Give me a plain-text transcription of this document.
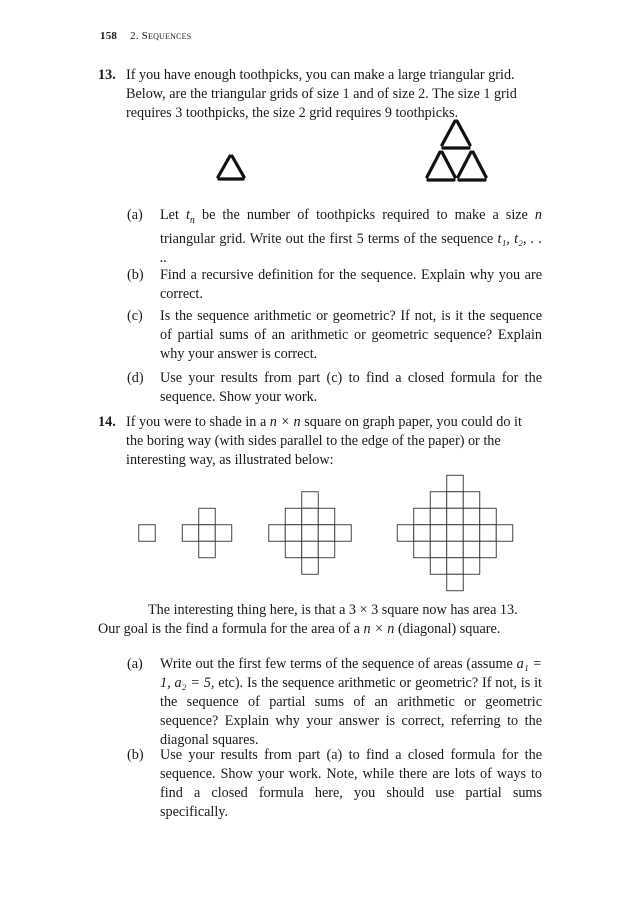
158 2. Sequences
13. If you have enough toothpicks, you can make a large triangular grid. Below, are the triangular grids of size 1 and of size 2. The size 1 grid requires 3 toothpicks, the size 2 grid requires 9 toothpicks.
(a) Let $t_n$ be the number of toothpicks required to make a size n triangular grid. Write out the first 5 terms of the sequence t₁, t₂, . . ..
(b) Find a recursive definition for the sequence. Explain why you are correct.
(c) Is the sequence arithmetic or geometric? If not, is it the sequence of partial sums of an arithmetic or geometric sequence? Explain why your answer is correct.
(d) Use your results from part (c) to find a closed formula for the sequence. Show your work.
14. If you were to shade in a n × n square on graph paper, you could do it the boring way (with sides parallel to the edge of the paper) or the interesting way, as illustrated below:
The interesting thing here, is that a 3 × 3 square now has area 13.
Our goal is the find a formula for the area of a n × n (diagonal) square.
(a) Write out the first few terms of the sequence of areas (assume a₁ = 1, a₂ = 5, etc). Is the sequence arithmetic or geometric? If not, is it the sequence of partial sums of an arithmetic or geometric sequence? Explain why your answer is correct, referring to the diagonal squares.
(b) Use your results from part (a) to find a closed formula for the sequence. Show your work. Note, while there are lots of ways to find a closed formula here, you should use partial sums specifically.
